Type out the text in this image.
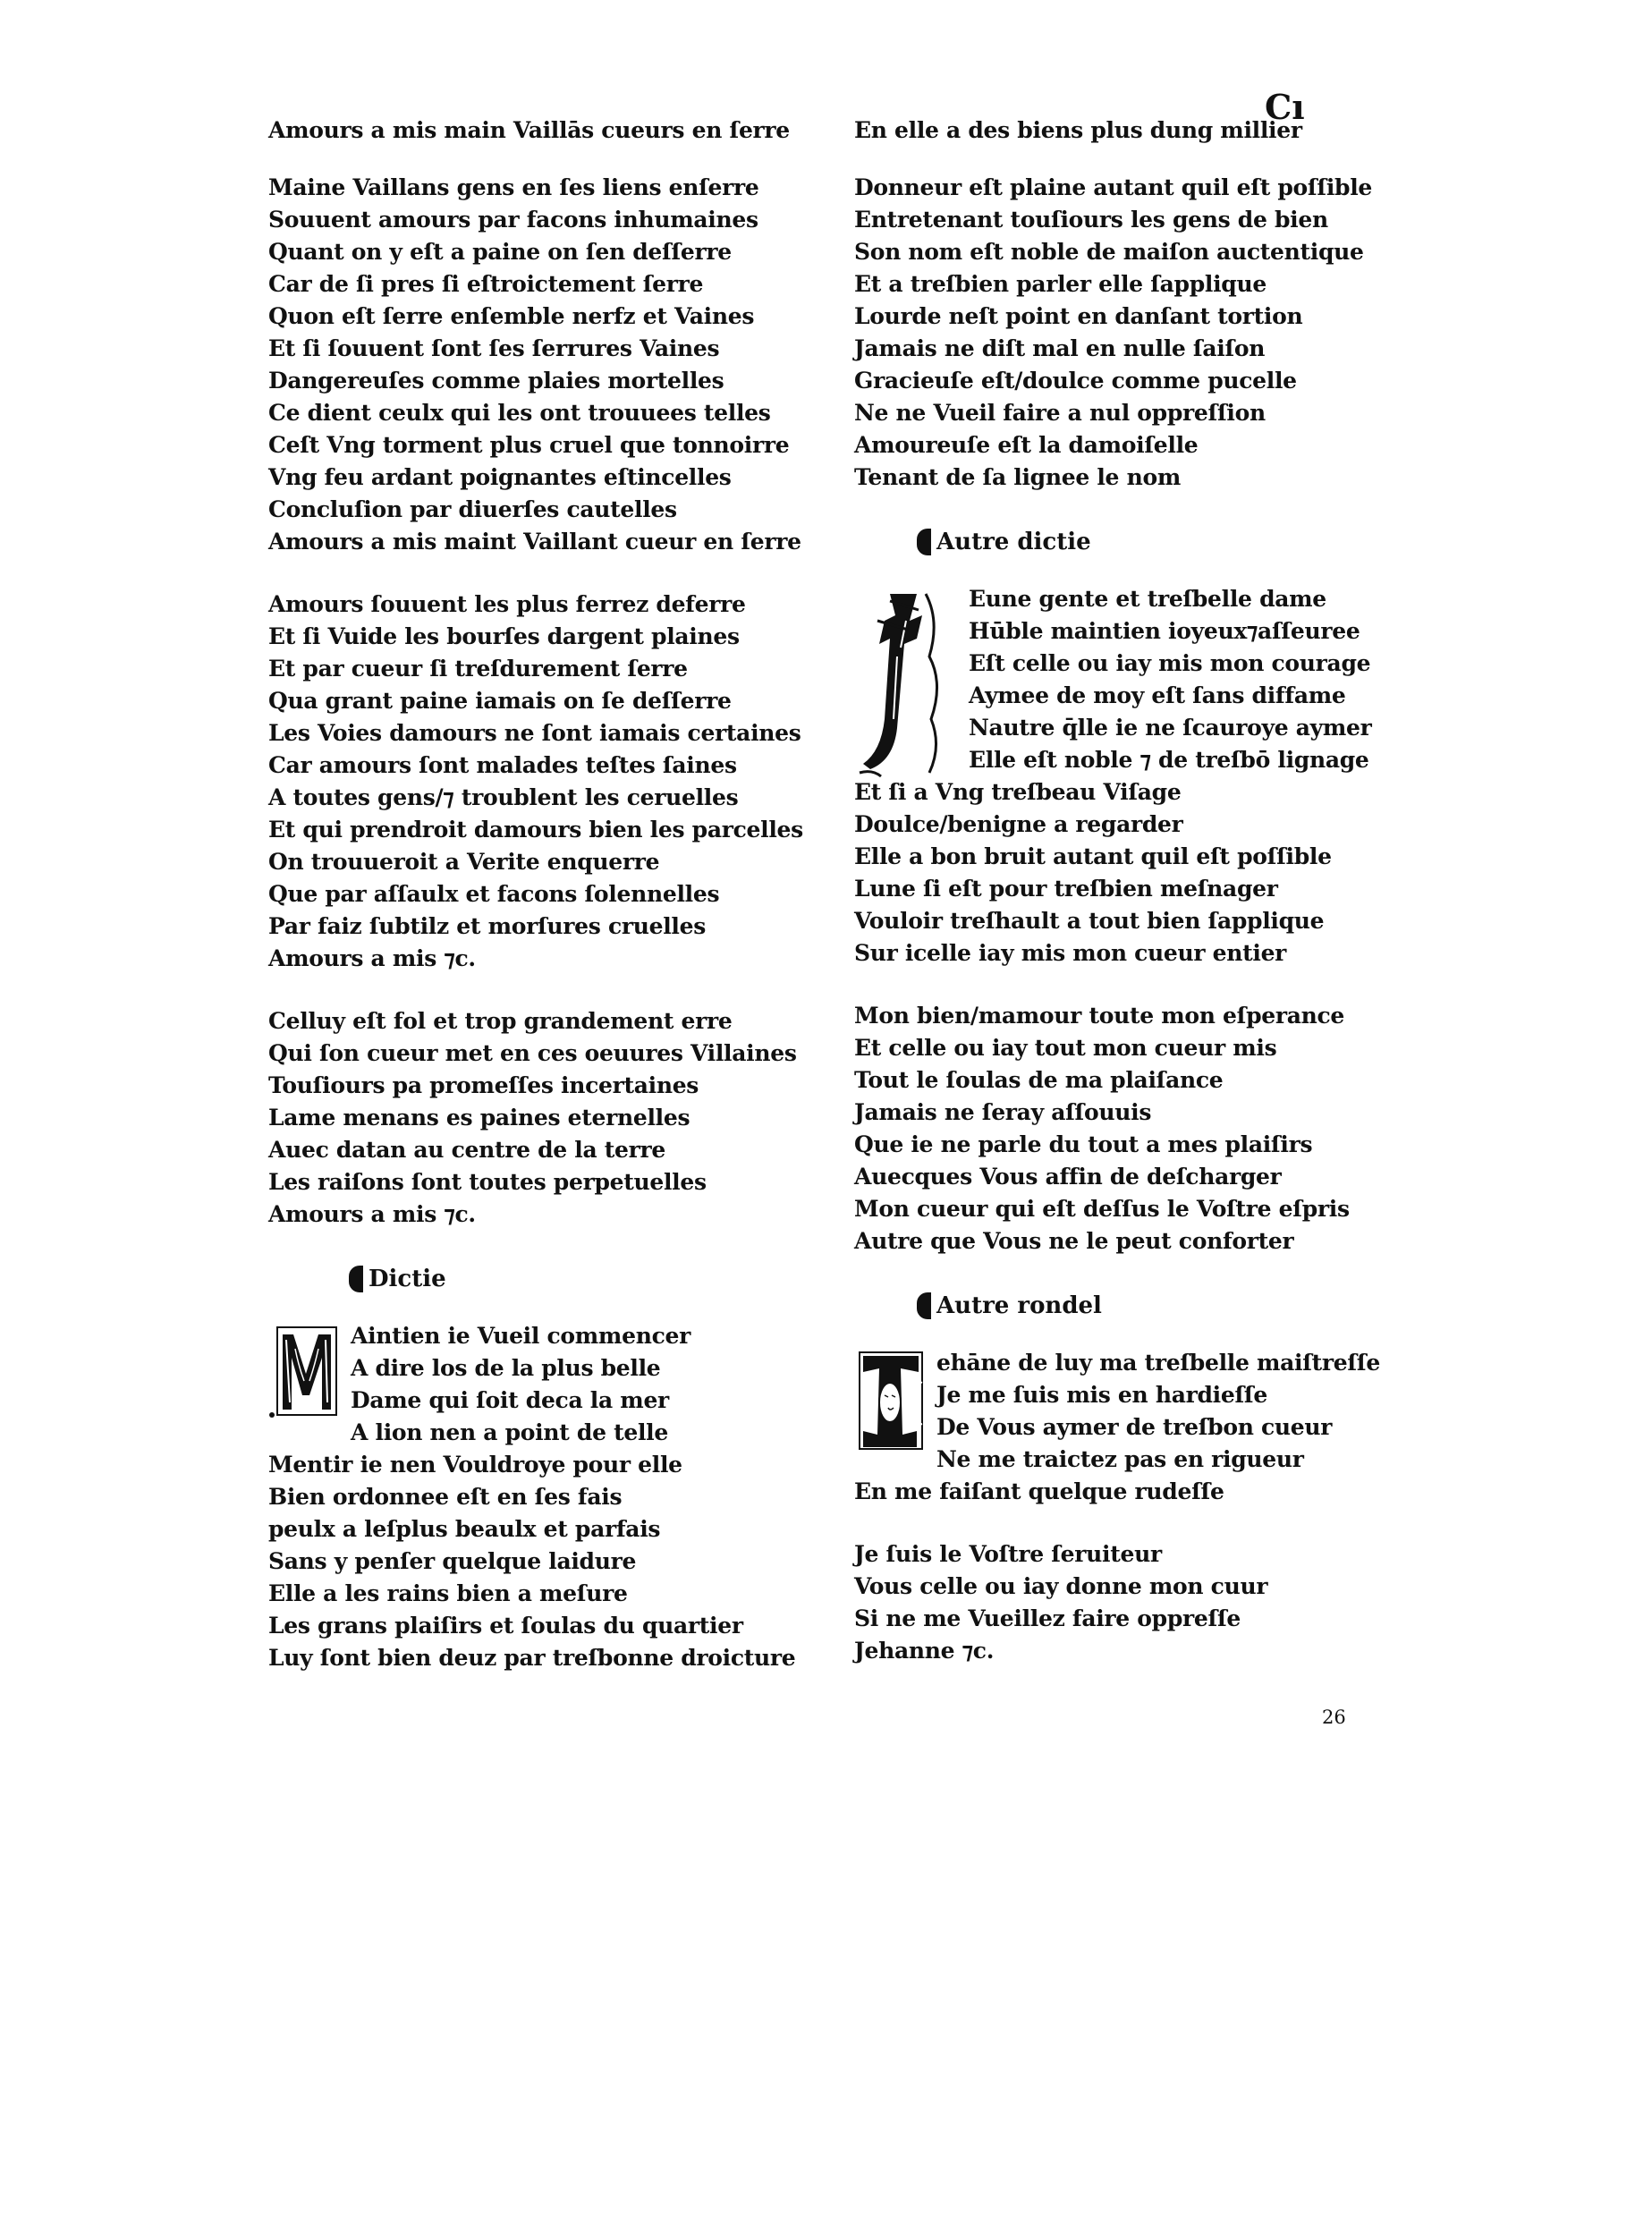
Cı
Amours a mis main Vaillās cueurs en ſerre
Maine Vaillans gens en ſes liens enſerre
Souuent amours par facons inhumaines
Quant on y eſt a paine on ſen deſſerre
Car de ſi pres ſi eſtroictement ſerre
Quon eſt ſerre enſemble nerfz et Vaines
Et ſi ſouuent ſont ſes ſerrures Vaines
Dangereuſes comme plaies mortelles
Ce dient ceulx qui les ont trouuees telles
Ceſt Vng torment plus cruel que tonnoirre
Vng feu ardant poignantes eſtincelles
Concluſion par diuerſes cautelles
Amours a mis maint Vaillant cueur en ſerre
Amours ſouuent les plus ferrez deferre
Et ſi Vuide les bourſes dargent plaines
Et par cueur ſi treſdurement ſerre
Qua grant paine iamais on ſe deſſerre
Les Voies damours ne ſont iamais certaines
Car amours ſont malades teſtes ſaines
A toutes gens/⁊ troublent les ceruelles
Et qui prendroit damours bien les parcelles
On trouueroit a Verite enquerre
Que par aſſaulx et facons ſolennelles
Par faiz ſubtilz et morſures cruelles
Amours a mis ⁊c.
Celluy eſt fol et trop grandement erre
Qui ſon cueur met en ces oeuures Villaines
Touſiours pa promeſſes incertaines
Lame menans es paines eternelles
Auec datan au centre de la terre
Les raiſons ſont toutes perpetuelles
Amours a mis ⁊c.
Dictie
Aintien ie Vueil commencer
A dire los de la plus belle
Dame qui ſoit deca la mer
A lion nen a point de telle
Mentir ie nen Vouldroye pour elle
Bien ordonnee eſt en ſes fais
peulx a leſplus beaulx et parfais
Sans y penſer quelque laidure
Elle a les rains bien a meſure
Les grans plaiſirs et ſoulas du quartier
Luy ſont bien deuz par treſbonne droicture
En elle a des biens plus dung millier
Donneur eſt plaine autant quil eſt poſſible
Entretenant touſiours les gens de bien
Son nom eſt noble de maiſon auctentique
Et a treſbien parler elle ſapplique
Lourde neſt point en danſant tortion
Jamais ne diſt mal en nulle ſaiſon
Gracieuſe eſt/doulce comme pucelle
Ne ne Vueil faire a nul oppreſſion
Amoureuſe eſt la damoiſelle
Tenant de ſa lignee le nom
Autre dictie
Eune gente et treſbelle dame
Hūble maintien ioyeux⁊aſſeuree
Eſt celle ou iay mis mon courage
Aymee de moy eſt ſans diffame
Nautre q̄lle ie ne ſcauroye aymer
Elle eſt noble ⁊ de treſbō lignage
Et ſi a Vng treſbeau Viſage
Doulce/benigne a regarder
Elle a bon bruit autant quil eſt poſſible
Lune ſi eſt pour treſbien meſnager
Vouloir treſhault a tout bien ſapplique
Sur icelle iay mis mon cueur entier
Mon bien/mamour toute mon eſperance
Et celle ou iay tout mon cueur mis
Tout le ſoulas de ma plaiſance
Jamais ne ſeray aſſouuis
Que ie ne parle du tout a mes plaiſirs
Auecques Vous affin de deſcharger
Mon cueur qui eſt deſſus le Voſtre eſpris
Autre que Vous ne le peut conforter
Autre rondel
ehāne de luy ma treſbelle maiſtreſſe
Je me ſuis mis en hardieſſe
De Vous aymer de treſbon cueur
Ne me traictez pas en rigueur
En me faiſant quelque rudeſſe
Je ſuis le Voſtre ſeruiteur
Vous celle ou iay donne mon cuur
Si ne me Vueillez faire oppreſſe
Jehanne ⁊c.
26
